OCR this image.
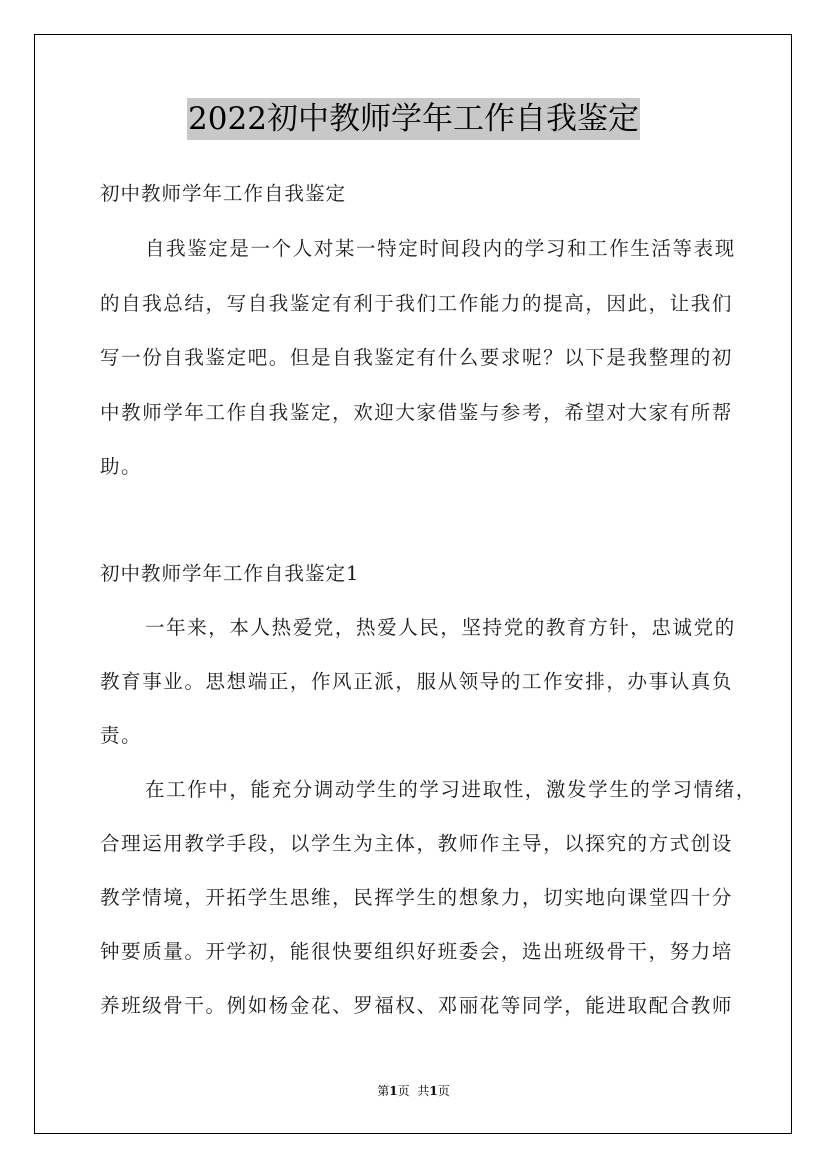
2022初中教师学年工作自我鉴定
初中教师学年工作自我鉴定
自我鉴定是一个人对某一特定时间段内的学习和工作生活等表现
的自我总结，写自我鉴定有利于我们工作能力的提高，因此，让我们
写一份自我鉴定吧。但是自我鉴定有什么要求呢？以下是我整理的初
中教师学年工作自我鉴定，欢迎大家借鉴与参考，希望对大家有所帮
助。
初中教师学年工作自我鉴定1
一年来，本人热爱党，热爱人民，坚持党的教育方针，忠诚党的
教育事业。思想端正，作风正派，服从领导的工作安排，办事认真负
责。
在工作中，能充分调动学生的学习进取性，激发学生的学习情绪，
合理运用教学手段，以学生为主体，教师作主导，以探究的方式创设
教学情境，开拓学生思维，民挥学生的想象力，切实地向课堂四十分
钟要质量。开学初，能很快要组织好班委会，选出班级骨干，努力培
养班级骨干。例如杨金花、罗福权、邓丽花等同学，能进取配合教师
第1页 共1页
